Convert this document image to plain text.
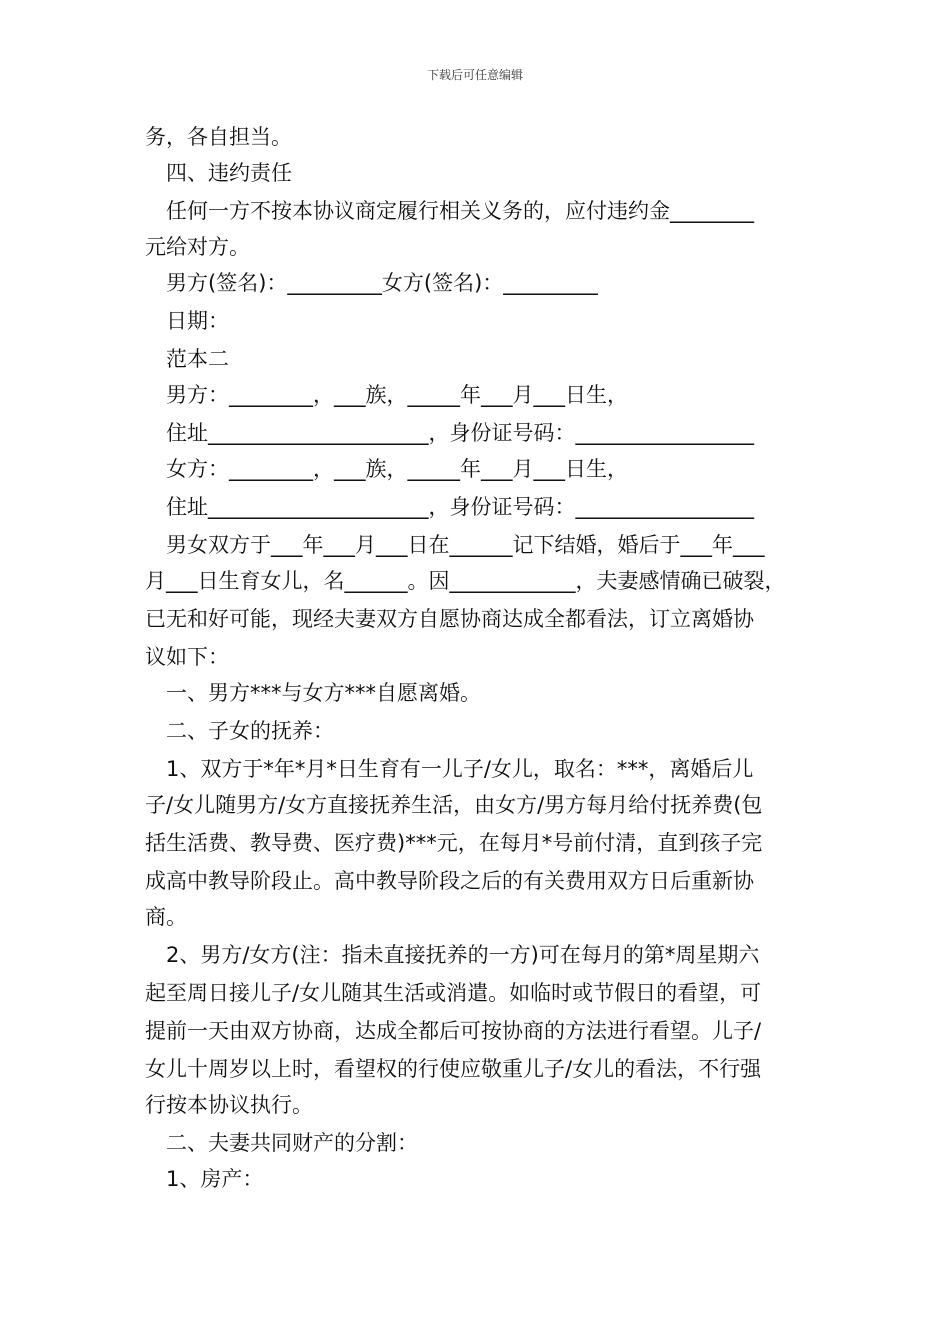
下载后可任意编辑
务，各自担当。
　四、违约责任
　任何一方不按本协议商定履行相关义务的，应付违约金________
元给对方。
　男方(签名)：_________女方(签名)：_________
　日期：
　范本二
　男方：________，___族，_____年___月___日生，
　住址_____________________，身份证号码：_________________
　女方：________，___族，_____年___月___日生，
　住址_____________________，身份证号码：_________________
　男女双方于___年___月___日在______记下结婚，婚后于___年___
月___日生育女儿，名______。因____________，夫妻感情确已破裂，
已无和好可能，现经夫妻双方自愿协商达成全都看法，订立离婚协
议如下：
　一、男方***与女方***自愿离婚。
　二、子女的抚养：
　1、双方于*年*月*日生育有一儿子/女儿，取名：***，离婚后儿
子/女儿随男方/女方直接抚养生活，由女方/男方每月给付抚养费(包
括生活费、教导费、医疗费)***元，在每月*号前付清，直到孩子完
成高中教导阶段止。高中教导阶段之后的有关费用双方日后重新协
商。
　2、男方/女方(注：指未直接抚养的一方)可在每月的第*周星期六
起至周日接儿子/女儿随其生活或消遣。如临时或节假日的看望，可
提前一天由双方协商，达成全都后可按协商的方法进行看望。儿子/
女儿十周岁以上时，看望权的行使应敬重儿子/女儿的看法，不行强
行按本协议执行。
　二、夫妻共同财产的分割：
　1、房产：
